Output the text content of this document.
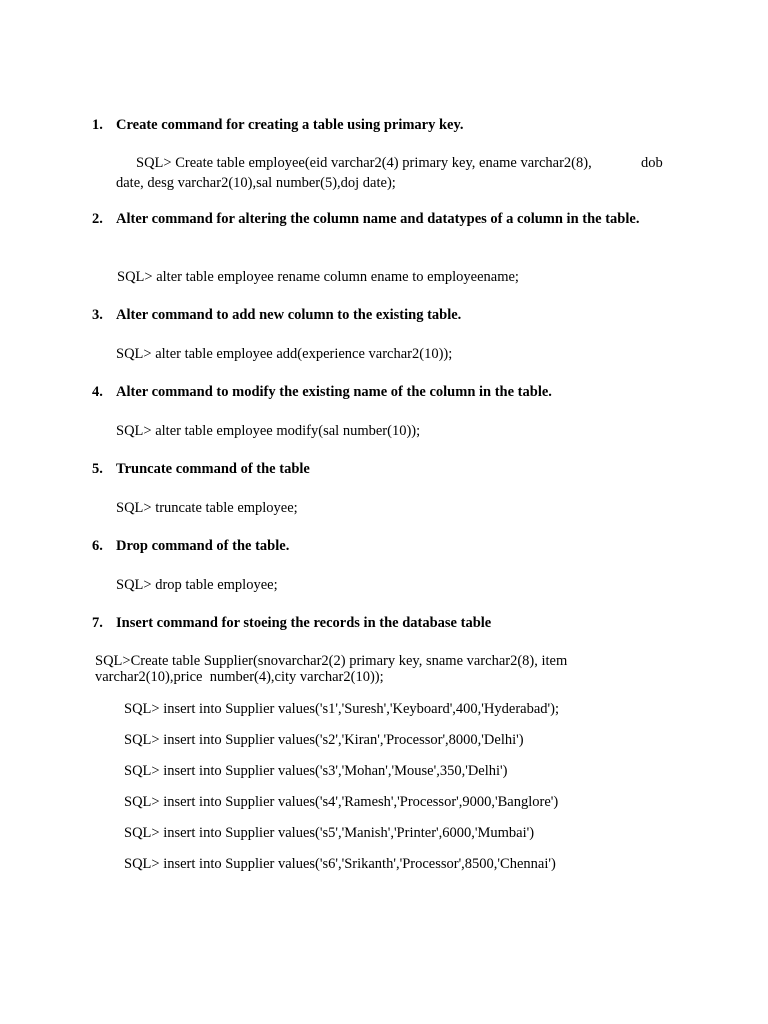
1. Create command for creating a table using primary key.
SQL> Create table employee(eid varchar2(4) primary key, ename varchar2(8),	dob
date, desg varchar2(10),sal number(5),doj date);
2. Alter command for altering the column name and datatypes of a column in the table.
SQL> alter table employee rename column ename to employeename;
3. Alter command to add new column to the existing table.
SQL> alter table employee add(experience varchar2(10));
4. Alter command to modify the existing name of the column in the table.
SQL> alter table employee modify(sal number(10));
5. Truncate command of the table
SQL> truncate table employee;
6. Drop command of the table.
SQL> drop table employee;
7. Insert command for stoeing the records in the database table
SQL>Create table Supplier(snovarchar2(2) primary key, sname varchar2(8), item
varchar2(10),price  number(4),city varchar2(10));
SQL> insert into Supplier values('s1','Suresh','Keyboard',400,'Hyderabad');
SQL> insert into Supplier values('s2','Kiran','Processor',8000,'Delhi')
SQL> insert into Supplier values('s3','Mohan','Mouse',350,'Delhi')
SQL> insert into Supplier values('s4','Ramesh','Processor',9000,'Banglore')
SQL> insert into Supplier values('s5','Manish','Printer',6000,'Mumbai')
SQL> insert into Supplier values('s6','Srikanth','Processor',8500,'Chennai')
